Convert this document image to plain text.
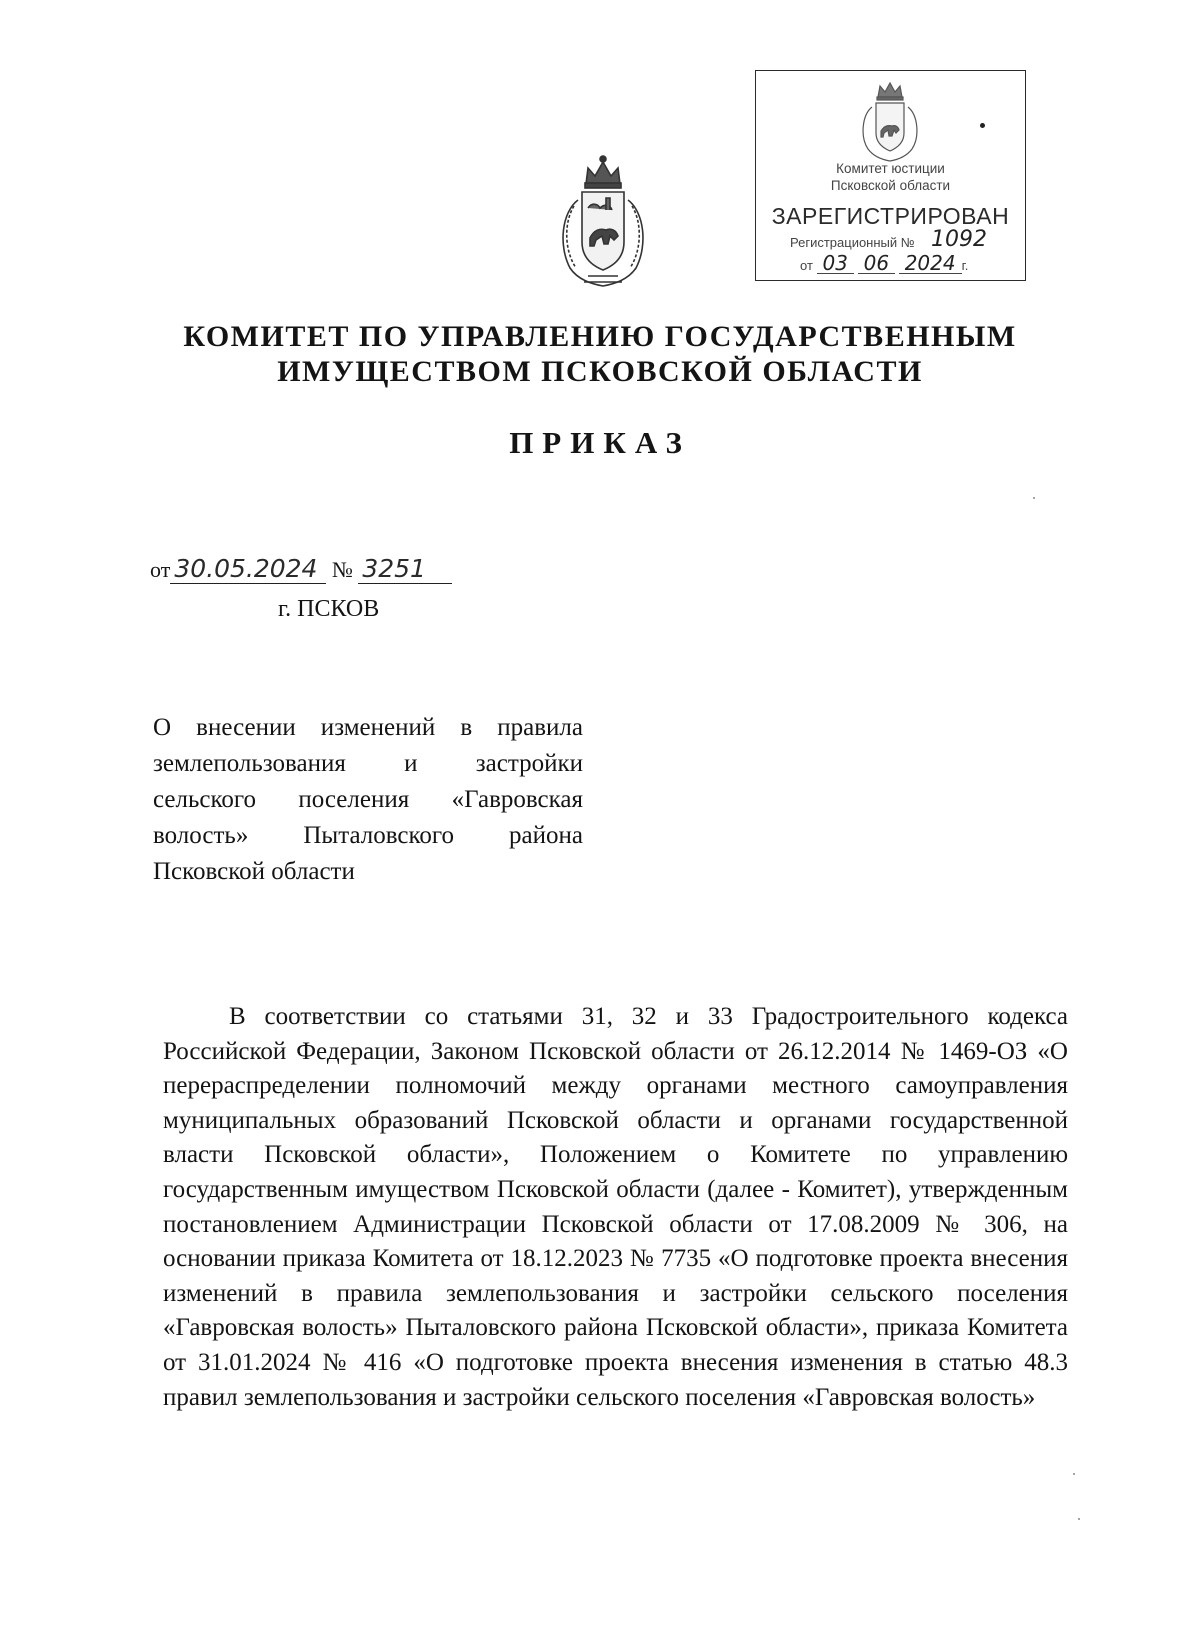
Комитет юстиции
Псковской области
ЗАРЕГИСТРИРОВАН
Регистрационный № 1092
от 03 06 2024 г.
КОМИТЕТ ПО УПРАВЛЕНИЮ ГОСУДАРСТВЕННЫМ
ИМУЩЕСТВОМ ПСКОВСКОЙ ОБЛАСТИ
ПРИКАЗ
от 30.05.2024 № 3251
г. ПСКОВ
О внесении изменений в правила землепользования и застройки сельского поселения «Гавровская волость» Пыталовского района Псковской области
В соответствии со статьями 31, 32 и 33 Градостроительного кодекса Российской Федерации, Законом Псковской области от 26.12.2014 № 1469-ОЗ «О перераспределении полномочий между органами местного самоуправления муниципальных образований Псковской области и органами государственной власти Псковской области», Положением о Комитете по управлению государственным имуществом Псковской области (далее - Комитет), утвержденным постановлением Администрации Псковской области от 17.08.2009 № 306, на основании приказа Комитета от 18.12.2023 № 7735 «О подготовке проекта внесения изменений в правила землепользования и застройки сельского поселения «Гавровская волость» Пыталовского района Псковской области», приказа Комитета от 31.01.2024 № 416 «О подготовке проекта внесения изменения в статью 48.3 правил землепользования и застройки сельского поселения «Гавровская волость»
